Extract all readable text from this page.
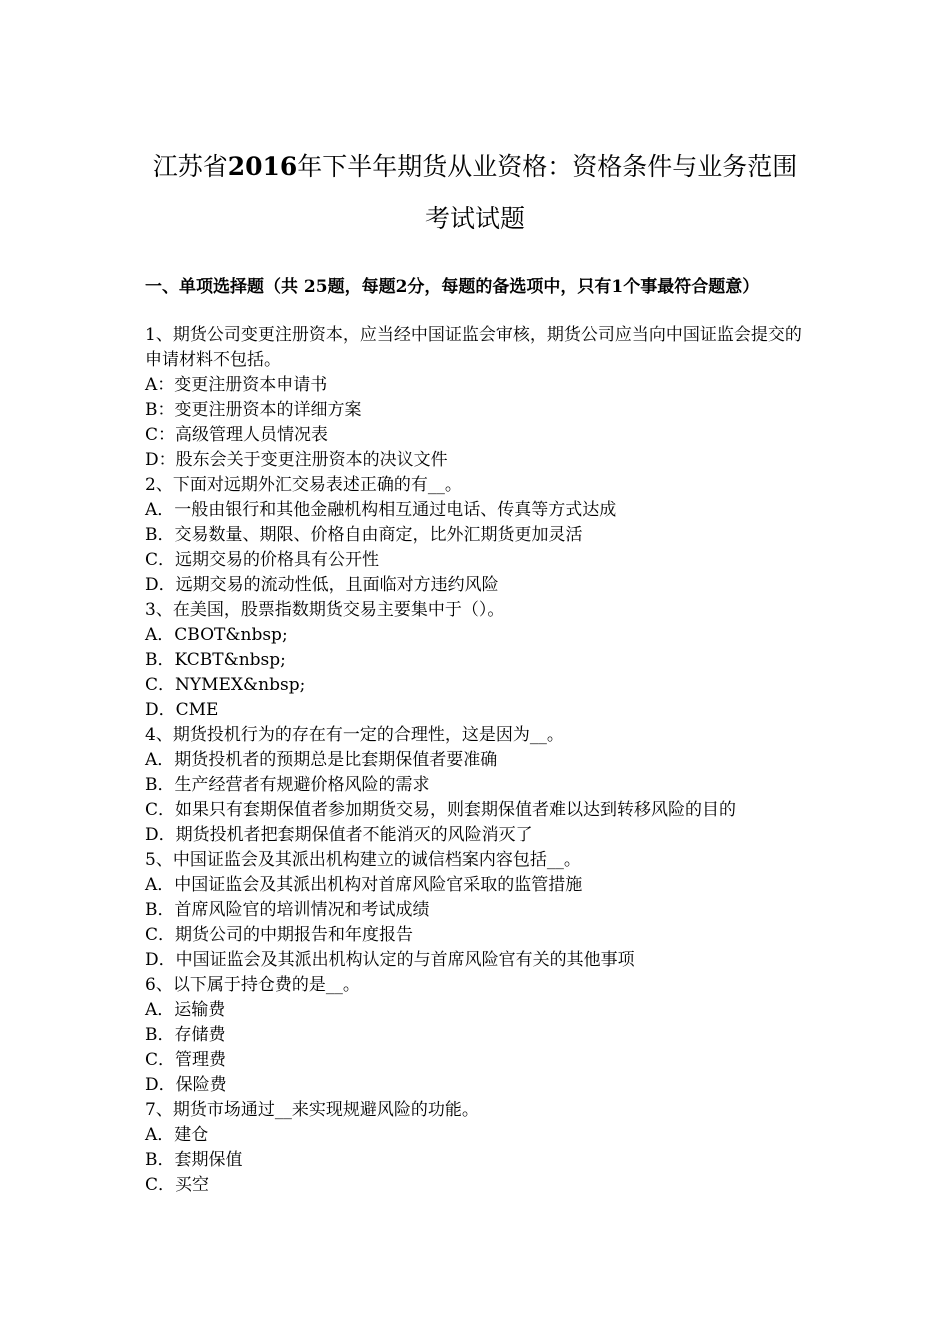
江苏省2016年下半年期货从业资格：资格条件与业务范围
考试试题
一、单项选择题（共 25题，每题2分，每题的备选项中，只有1个事最符合题意）
1、期货公司变更注册资本，应当经中国证监会审核，期货公司应当向中国证监会提交的申请材料不包括。
A：变更注册资本申请书
B：变更注册资本的详细方案
C：高级管理人员情况表
D：股东会关于变更注册资本的决议文件
2、下面对远期外汇交易表述正确的有__。
A．一般由银行和其他金融机构相互通过电话、传真等方式达成
B．交易数量、期限、价格自由商定，比外汇期货更加灵活
C．远期交易的价格具有公开性
D．远期交易的流动性低，且面临对方违约风险
3、在美国，股票指数期货交易主要集中于（）。
A．CBOT&nbsp;
B．KCBT&nbsp;
C．NYMEX&nbsp;
D．CME
4、期货投机行为的存在有一定的合理性，这是因为__。
A．期货投机者的预期总是比套期保值者要准确
B．生产经营者有规避价格风险的需求
C．如果只有套期保值者参加期货交易，则套期保值者难以达到转移风险的目的
D．期货投机者把套期保值者不能消灭的风险消灭了
5、中国证监会及其派出机构建立的诚信档案内容包括__。
A．中国证监会及其派出机构对首席风险官采取的监管措施
B．首席风险官的培训情况和考试成绩
C．期货公司的中期报告和年度报告
D．中国证监会及其派出机构认定的与首席风险官有关的其他事项
6、以下属于持仓费的是__。
A．运输费
B．存储费
C．管理费
D．保险费
7、期货市场通过__来实现规避风险的功能。
A．建仓
B．套期保值
C．买空
